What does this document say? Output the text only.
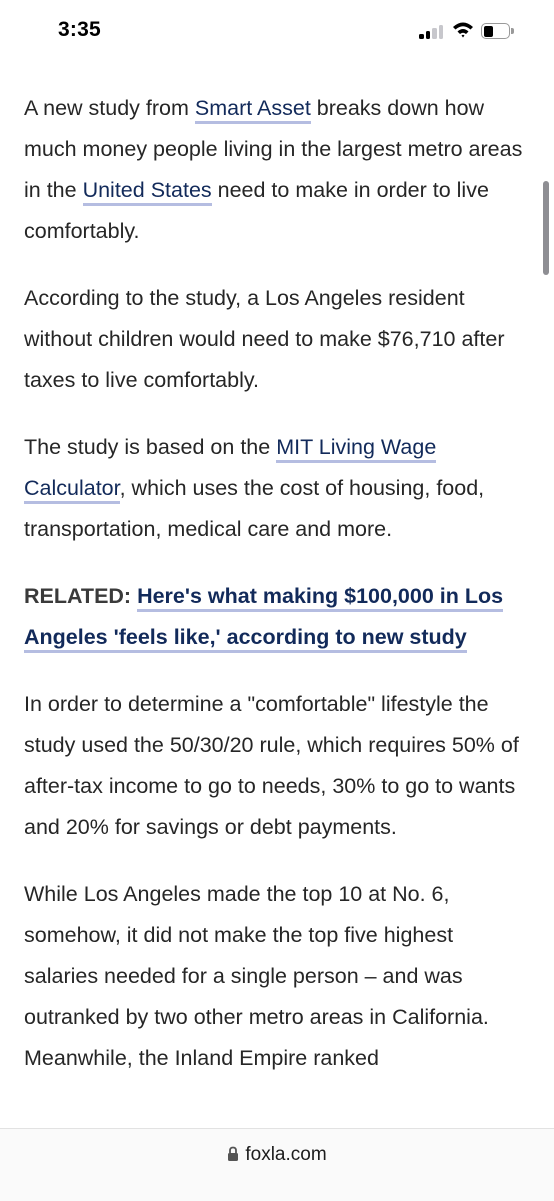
3:35

A new study from Smart Asset breaks down how much money people living in the largest metro areas in the United States need to make in order to live comfortably.

According to the study, a Los Angeles resident without children would need to make $76,710 after taxes to live comfortably.

The study is based on the MIT Living Wage Calculator, which uses the cost of housing, food, transportation, medical care and more.

RELATED: Here's what making $100,000 in Los Angeles 'feels like,' according to new study

In order to determine a "comfortable" lifestyle the study used the 50/30/20 rule, which requires 50% of after-tax income to go to needs, 30% to go to wants and 20% for savings or debt payments.

While Los Angeles made the top 10 at No. 6, somehow, it did not make the top five highest salaries needed for a single person – and was outranked by two other metro areas in California. Meanwhile, the Inland Empire ranked

foxla.com
